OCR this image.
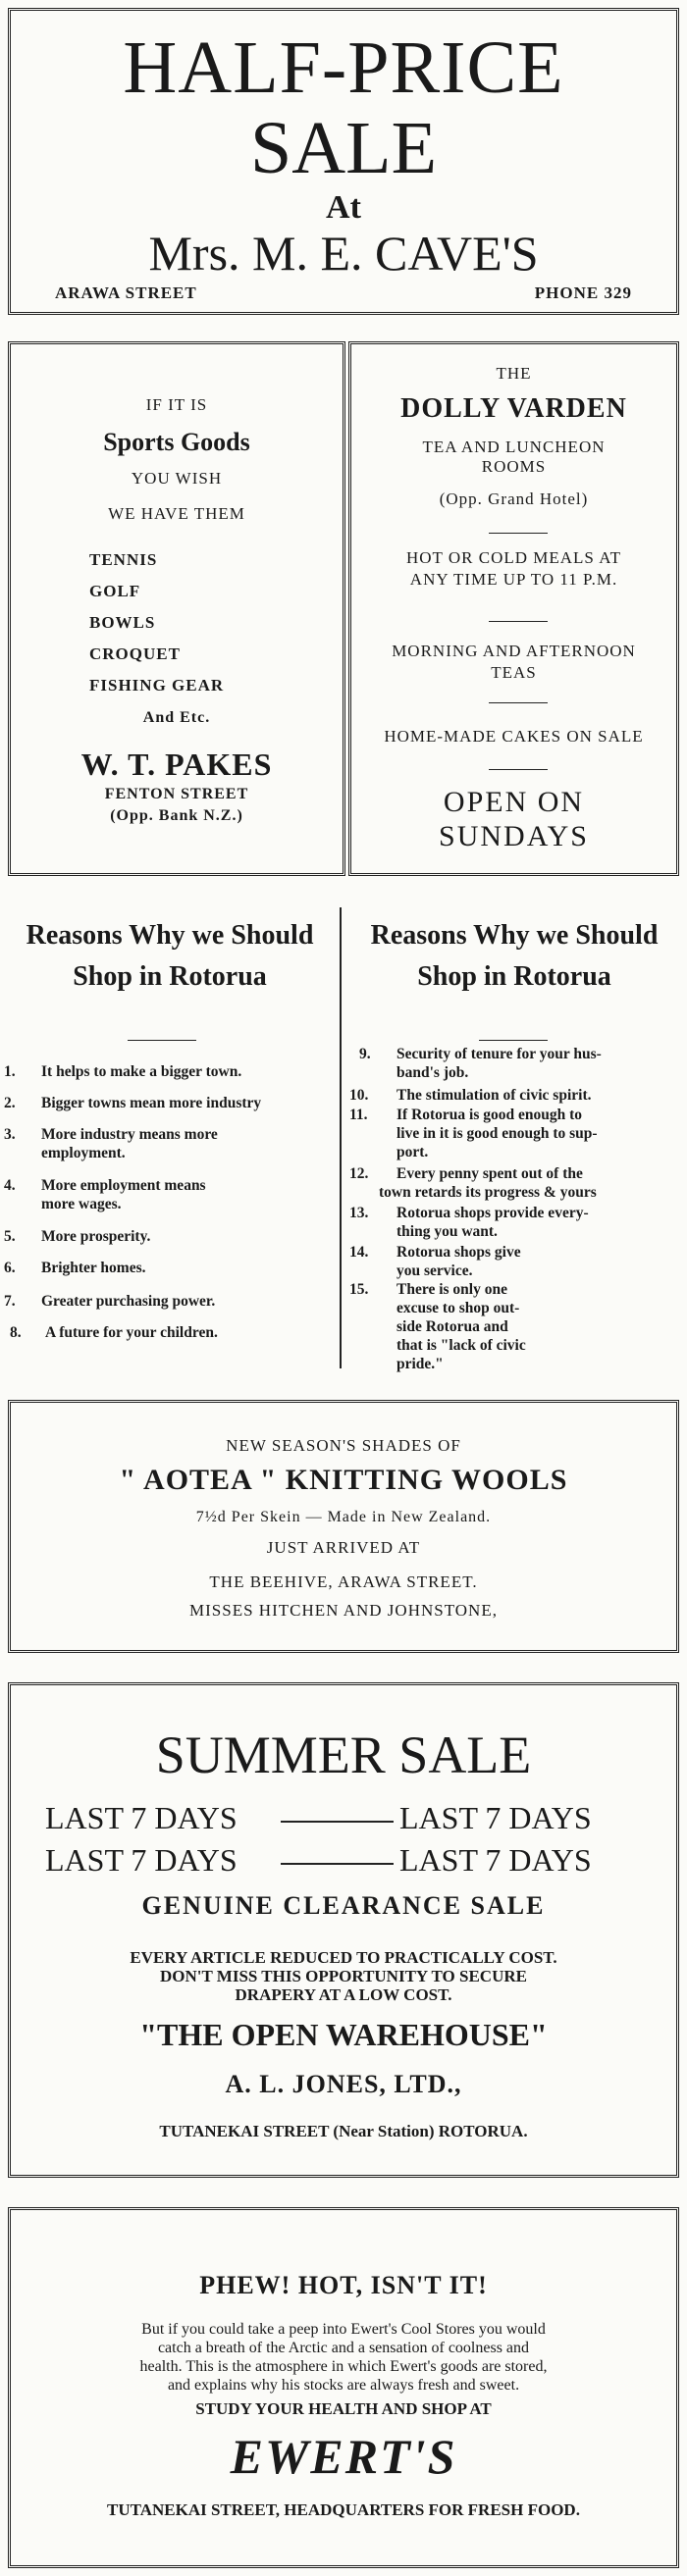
HALF-PRICE
SALE
At
Mrs. M. E. CAVE'S
ARAWA STREET	PHONE 329
IF IT IS
Sports Goods
YOU WISH
WE HAVE THEM
TENNIS
GOLF
BOWLS
CROQUET
FISHING GEAR
And Etc.
W. T. PAKES
FENTON STREET
(Opp. Bank N.Z.)
THE
DOLLY VARDEN
TEA AND LUNCHEON
ROOMS
(Opp. Grand Hotel)
HOT OR COLD MEALS AT
ANY TIME UP TO 11 P.M.
MORNING AND AFTERNOON
TEAS
HOME-MADE CAKES ON SALE
OPEN ON
SUNDAYS
Reasons Why we Should
Shop in Rotorua
1. It helps to make a bigger town.
2. Bigger towns mean more industry
3. More industry means more
employment.
4. More employment means
more wages.
5. More prosperity.
6. Brighter homes.
7. Greater purchasing power.
8. A future for your children.
Reasons Why we Should
Shop in Rotorua
9. Security of tenure for your hus-
band's job.
10. The stimulation of civic spirit.
11. If Rotorua is good enough to
live in it is good enough to sup-
port.
12. Every penny spent out of the
town retards its progress & yours
13. Rotorua shops provide every-
thing you want.
14. Rotorua shops give
you service.
15. There is only one
excuse to shop out-
side Rotorua and
that is "lack of civic
pride."
NEW SEASON'S SHADES OF
" AOTEA " KNITTING WOOLS
7½d Per Skein — Made in New Zealand.
JUST ARRIVED AT
THE BEEHIVE, ARAWA STREET.
MISSES HITCHEN AND JOHNSTONE,
SUMMER SALE
LAST 7 DAYS	LAST 7 DAYS
LAST 7 DAYS	LAST 7 DAYS
GENUINE CLEARANCE SALE
EVERY ARTICLE REDUCED TO PRACTICALLY COST.
DON'T MISS THIS OPPORTUNITY TO SECURE
DRAPERY AT A LOW COST.
"THE OPEN WAREHOUSE"
A. L. JONES, LTD.,
TUTANEKAI STREET (Near Station) ROTORUA.
PHEW! HOT, ISN'T IT!
But if you could take a peep into Ewert's Cool Stores you would
catch a breath of the Arctic and a sensation of coolness and
health. This is the atmosphere in which Ewert's goods are stored,
and explains why his stocks are always fresh and sweet.
STUDY YOUR HEALTH AND SHOP AT
EWERT'S
TUTANEKAI STREET, HEADQUARTERS FOR FRESH FOOD.
